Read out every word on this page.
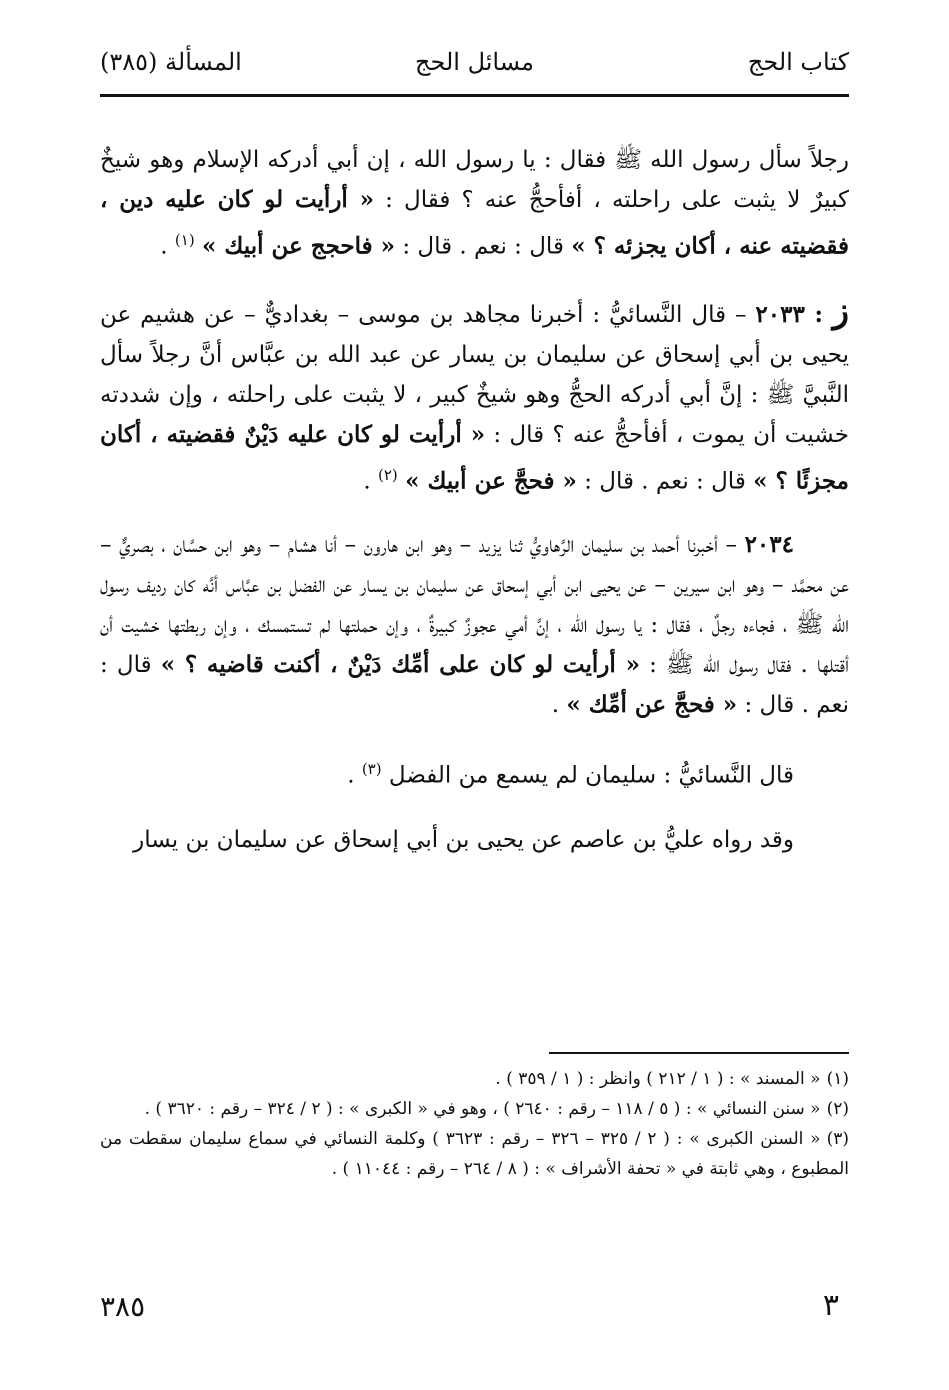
كتاب الحج
مسائل الحج
المسألة (٣٨٥)

رجلاً سأل رسول الله ﷺ فقال : يا رسول الله ، إن أبي أدركه الإسلام وهو شيخٌ كبيرٌ لا يثبت على راحلته ، أفأحجُّ عنه ؟ فقال : « أرأيت لو كان عليه دين ، فقضيته عنه ، أكان يجزئه ؟ » قال : نعم . قال : « فاحجج عن أبيك » $^{(١)}$ .

ز : ٢٠٣٣ – قال النَّسائيُّ : أخبرنا مجاهد بن موسى – بغداديٌّ – عن هشيم عن يحيى بن أبي إسحاق عن سليمان بن يسار عن عبد الله بن عبَّاس أنَّ رجلاً سأل النَّبيَّ ﷺ : إنَّ أبي أدركه الحجُّ وهو شيخٌ كبير ، لا يثبت على راحلته ، وإن شددته خشيت أن يموت ، أفأحجُّ عنه ؟ قال : « أرأيت لو كان عليه دَيْنٌ فقضيته ، أكان مجزئًا ؟ » قال : نعم . قال : « فحجَّ عن أبيك » $^{(٢)}$ .

٢٠٣٤ – أخبرنا أحمد بن سليمان الرَّهاويُّ ثنا يزيد – وهو ابن هارون – أنا هشام – وهو ابن حسَّان ، بصريٌّ – عن محمَّد – وهو ابن سيرين – عن يحيى ابن أبي إسحاق عن سليمان بن يسار عن الفضل بن عبَّاس أنَّه كان رديف رسول الله ﷺ ، فجاءه رجلٌ ، فقال : يا رسول الله ، إنَّ أمي عجوزٌ كبيرةٌ ، وإن حملتها لم تستمسك ، وإن ربطتها خشيت أن أقتلها . فقال رسول الله ﷺ : « أرأيت لو كان على أمِّك دَيْنٌ ، أكنت قاضيه ؟ » قال : نعم . قال : « فحجَّ عن أمِّك » .

قال النَّسائيُّ : سليمان لم يسمع من الفضل $^{(٣)}$ .

وقد رواه عليُّ بن عاصم عن يحيى بن أبي إسحاق عن سليمان بن يسار

(١)« المسند » : ( ١ / ٢١٢ ) وانظر : ( ١ / ٣٥٩ ) .

(٢)« سنن النسائي » : ( ٥ / ١١٨ – رقم : ٢٦٤٠ ) ، وهو في « الكبرى » : ( ٢ / ٣٢٤ – رقم : ٣٦٢٠ ) .

(٣)« السنن الكبرى » : ( ٢ / ٣٢٥ – ٣٢٦ – رقم : ٣٦٢٣ ) وكلمة النسائي في سماع سليمان سقطت من المطبوع ، وهي ثابتة في « تحفة الأشراف » : ( ٨ / ٢٦٤ – رقم : ١١٠٤٤ ) .

٣٨٥	٣
